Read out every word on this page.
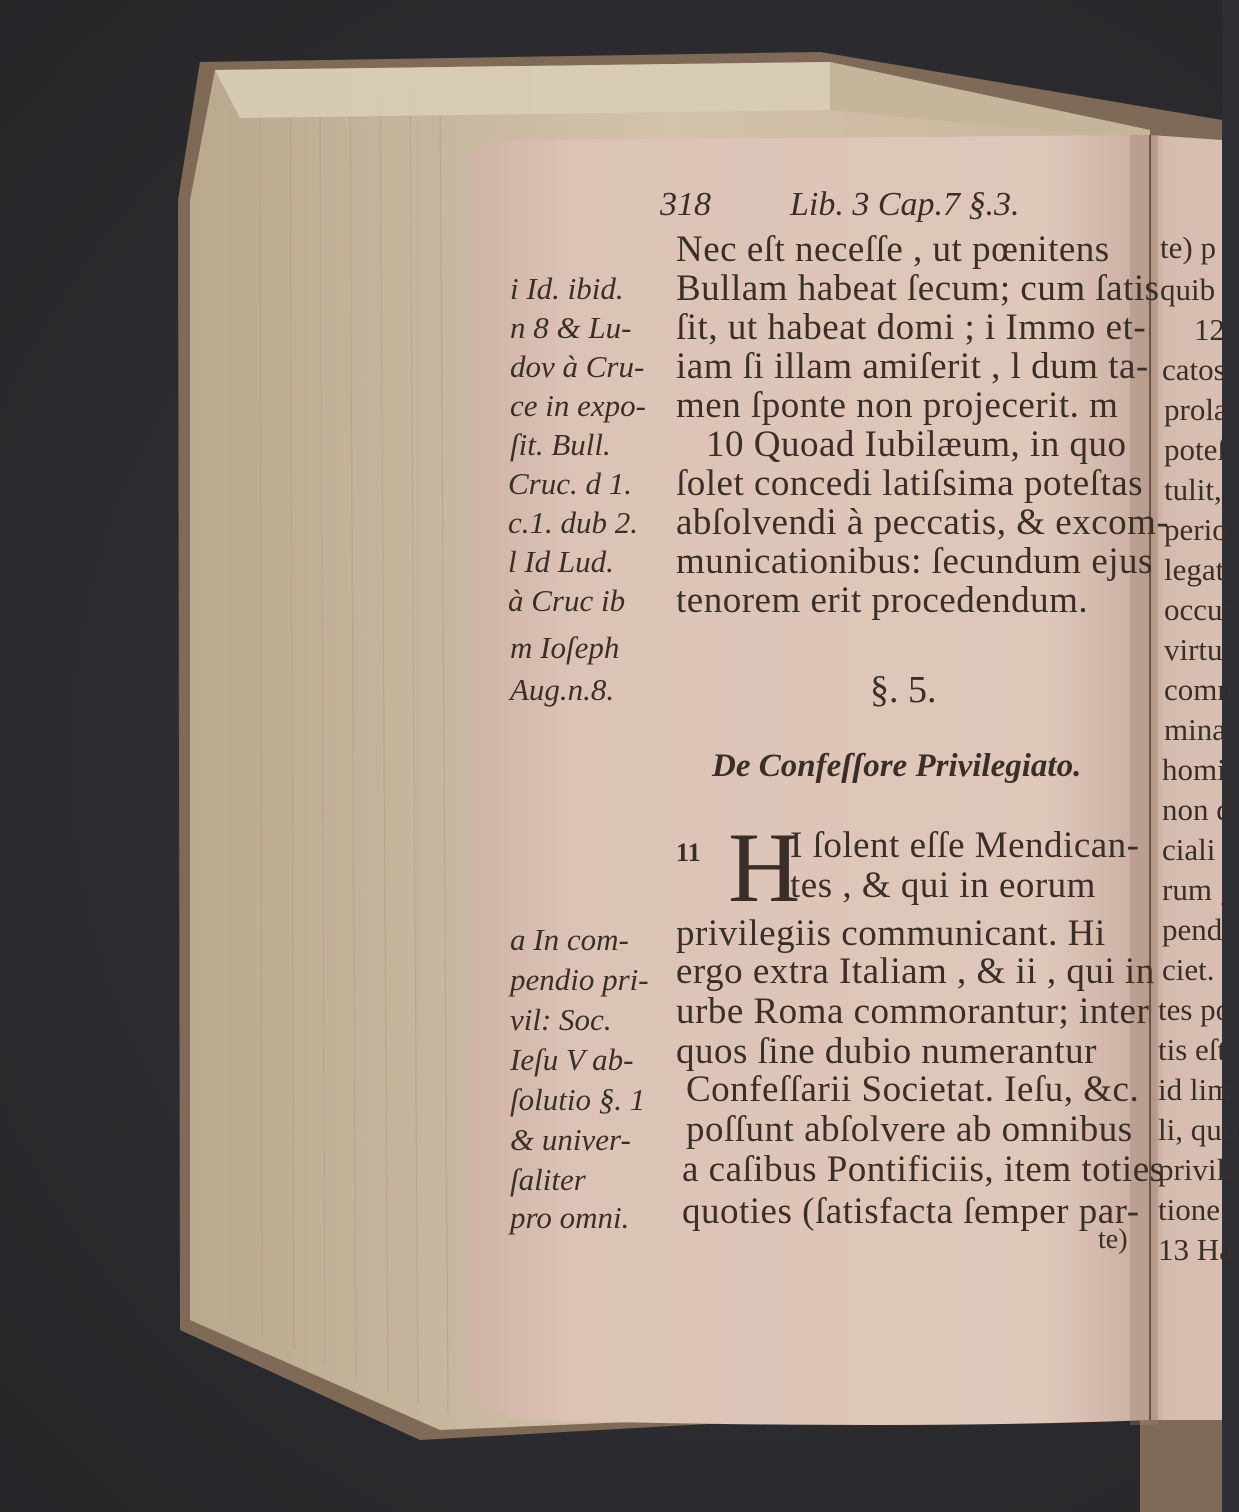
318 Lib. 3 Cap.7 §.3.
Nec eſt neceſſe , ut pœnitens
Bullam habeat ſecum; cum ſatis
ſit, ut habeat domi ; i Immo et-
iam ſi illam amiſerit , l dum ta-
men ſponte non projecerit. m
10 Quoad Iubilæum, in quo
ſolet concedi latiſsima poteſtas
abſolvendi à peccatis, & excom-
municationibus: ſecundum ejus
tenorem erit procedendum.
i Id. ibid.
n 8 & Lu-
dov à Cru-
ce in expo-
ſit. Bull.
Cruc. d 1.
c.1. dub 2.
l Id Lud.
à Cruc ib
m Ioſeph
Aug.n.8.	§. 5.
De Confeſſore Privilegiato.
11 H
I ſolent eſſe Mendican-
tes , & qui in eorum
privilegiis communicant. Hi
ergo extra Italiam , & ii , qui in
urbe Roma commorantur; inter
quos ſine dubio numerantur
Confeſſarii Societat. Ieſu, &c.
poſſunt abſolvere ab omnibus
a caſibus Pontificiis, item toties
quoties (ſatisfacta ſemper par-
te)
a In com-
pendio pri-
vil: Soc.
Ieſu V ab-
ſolutio §. 1
& univer-
ſaliter
pro omni.
te) p
quib
12
catos
prola
poteſ
tulit,
perio
legat
occur
virtu
comn
mina
homi
non d
ciali
rum ;
pend.
ciet.
tes po
tis eſt,
id lim
li, quo
privile
tione
13 Ha
